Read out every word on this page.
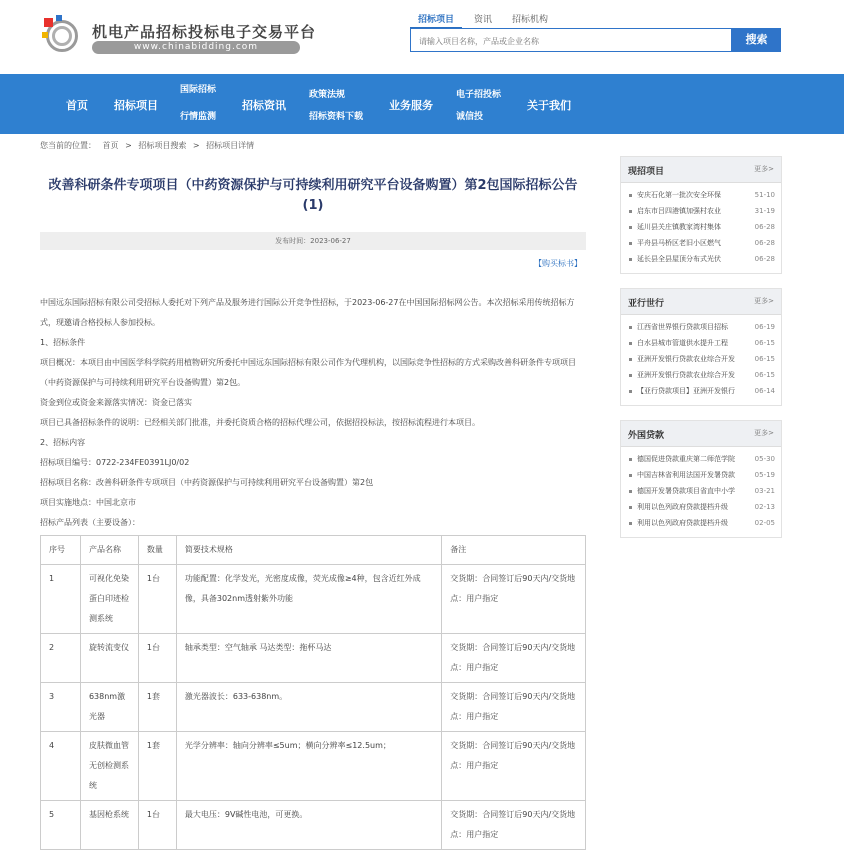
机电产品招标投标电子交易平台
www.chinabidding.com
招标项目 资讯 招标机构
请输入项目名称，产品或企业名称
搜索
首页 招标项目
国际招标
行情监测
招标资讯
政策法规
招标资料下载
业务服务
电子招投标
诚信投
关于我们
您当前的位置： 首页 > 招标项目搜索 > 招标项目详情
改善科研条件专项项目（中药资源保护与可持续利用研究平台设备购置）第2包国际招标公告(1)
发布时间：2023-06-27
【购买标书】

中国远东国际招标有限公司受招标人委托对下列产品及服务进行国际公开竞争性招标，于2023-06-27在中国国际招标网公告。本次招标采用传统招标方式，现邀请合格投标人参加投标。

1、招标条件

项目概况：本项目由中国医学科学院药用植物研究所委托中国远东国际招标有限公司作为代理机构，以国际竞争性招标的方式采购改善科研条件专项项目（中药资源保护与可持续利用研究平台设备购置）第2包。

资金到位或资金来源落实情况：资金已落实

项目已具备招标条件的说明：已经相关部门批准，并委托资质合格的招标代理公司，依据招投标法，按招标流程进行本项目。

2、招标内容

招标项目编号：0722-234FE0391LJ0/02

招标项目名称：改善科研条件专项项目（中药资源保护与可持续利用研究平台设备购置）第2包

项目实施地点：中国北京市

招标产品列表（主要设备）：

序号	产品名称	数量	简要技术规格	备注
1	可视化免染蛋白印迹检测系统	1台	功能配置：化学发光，光密度成像，荧光成像≥4种，包含近红外成像，具备302nm透射紫外功能	交货期：合同签订后90天内/交货地点：用户指定
2	旋转流变仪	1台	轴承类型：空气轴承 马达类型：拖杯马达	交货期：合同签订后90天内/交货地点：用户指定
3	638nm激光器	1套	激光器波长：633-638nm。	交货期：合同签订后90天内/交货地点：用户指定
4	皮肤微血管无创检测系统	1套	光学分辨率：轴向分辨率≤5um；横向分辨率≤12.5um；	交货期：合同签订后90天内/交货地点：用户指定
5	基因枪系统	1台	最大电压：9V碱性电池，可更换。	交货期：合同签订后90天内/交货地点：用户指定
现招项目	更多>
安庆石化第一批次安全环保	51-10
启东市吕四港镇加强村农业	31-19
延川县关庄镇教家湾村集体	06-28
平舟县马桥区老旧小区燃气	06-28
延长县全县屋顶分布式光伏	06-28
亚行世行	更多>
江西省世界银行贷款项目招标	06-19
白水县城市管道供水提升工程	06-15
亚洲开发银行贷款农业综合开发	06-15
亚洲开发银行贷款农业综合开发	06-15
【亚行贷款项目】亚洲开发银行	06-14
外国贷款	更多>
德国促进贷款重庆第二师范学院	05-30
中国吉林省利用法国开发署贷款	05-19
德国开发署贷款项目省直中小学	03-21
利用以色列政府贷款提档升级	02-13
利用以色列政府贷款提档升级	02-05
